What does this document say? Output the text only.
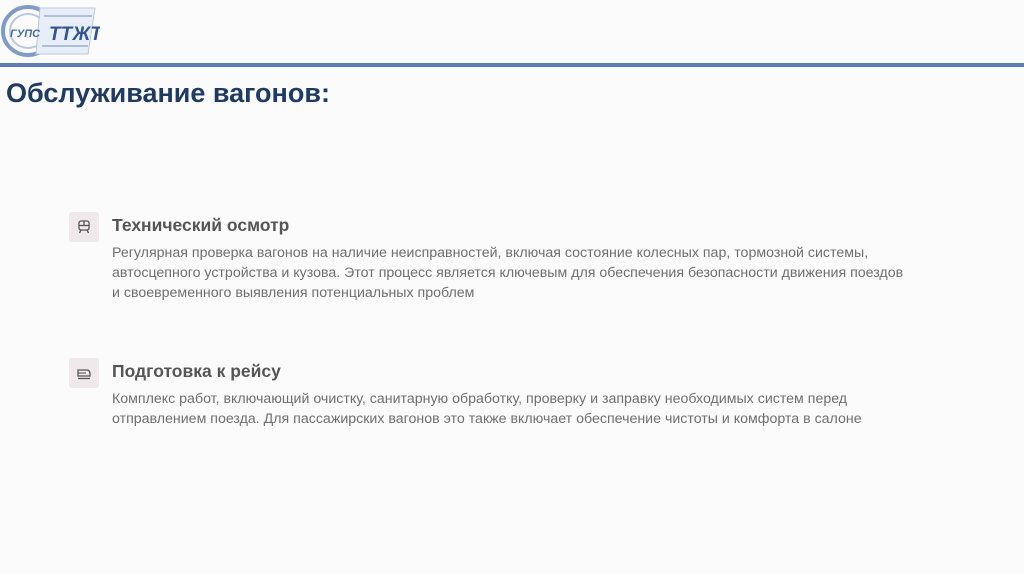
ГУПС ТТЖТ
Обслуживание вагонов:
Технический осмотр

Регулярная проверка вагонов на наличие неисправностей, включая состояние колесных пар, тормозной системы, автосцепного устройства и кузова. Этот процесс является ключевым для обеспечения безопасности движения поездов и своевременного выявления потенциальных проблем

Подготовка к рейсу

Комплекс работ, включающий очистку, санитарную обработку, проверку и заправку необходимых систем перед отправлением поезда. Для пассажирских вагонов это также включает обеспечение чистоты и комфорта в салоне
